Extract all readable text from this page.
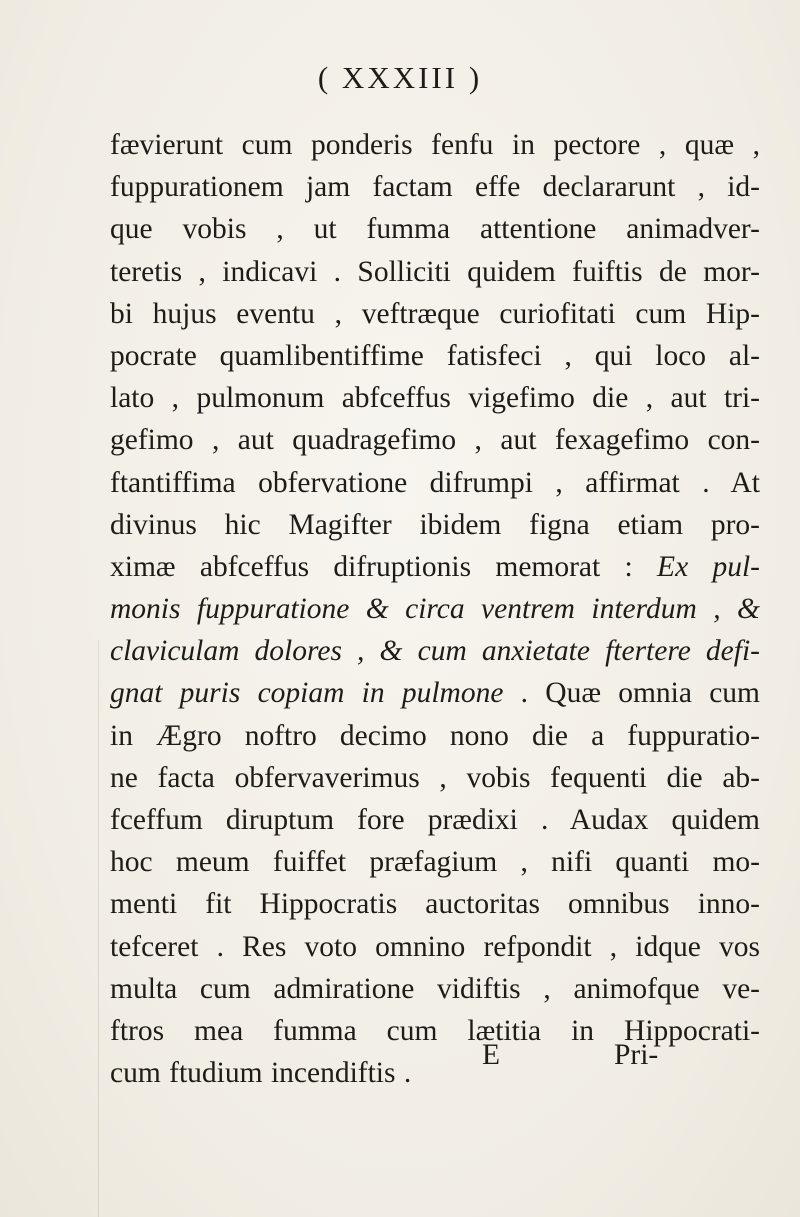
( XXXIII )
fævierunt cum ponderis fenfu in pectore , quæ ,
fuppurationem jam factam effe declararunt , id-
que vobis , ut fumma attentione animadver-
teretis , indicavi . Solliciti quidem fuiftis de mor-
bi hujus eventu , veftræque curiofitati cum Hip-
pocrate quamlibentiffime fatisfeci , qui loco al-
lato , pulmonum abfceffus vigefimo die , aut tri-
gefimo , aut quadragefimo , aut fexagefimo con-
ftantiffima obfervatione difrumpi , affirmat . At
divinus hic Magifter ibidem figna etiam pro-
ximæ abfceffus difruptionis memorat : Ex pul-
monis fuppuratione & circa ventrem interdum , &
claviculam dolores , & cum anxietate ftertere defi-
gnat puris copiam in pulmone . Quæ omnia cum
in Ægro noftro decimo nono die a fuppuratio-
ne facta obfervaverimus , vobis fequenti die ab-
fceffum diruptum fore prædixi . Audax quidem
hoc meum fuiffet præfagium , nifi quanti mo-
menti fit Hippocratis auctoritas omnibus inno-
tefceret . Res voto omnino refpondit , idque vos
multa cum admiratione vidiftis , animofque ve-
ftros mea fumma cum lætitia in Hippocrati-
cum ftudium incendiftis .
E	Pri-
